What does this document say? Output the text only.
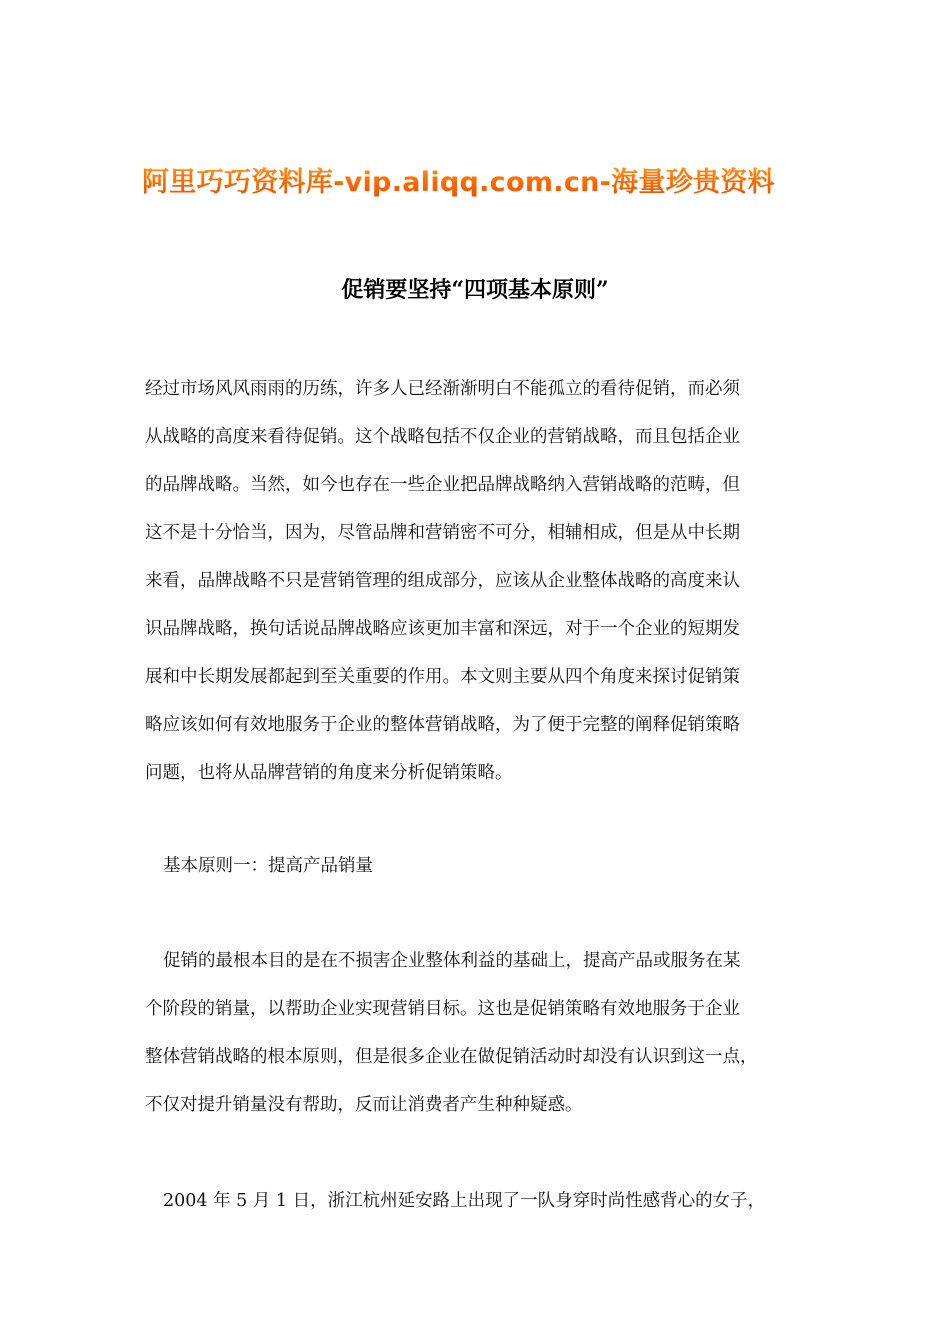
阿里巧巧资料库-vip.aliqq.com.cn-海量珍贵资料
促销要坚持“四项基本原则”
经过市场风风雨雨的历练，许多人已经渐渐明白不能孤立的看待促销，而必须
从战略的高度来看待促销。这个战略包括不仅企业的营销战略，而且包括企业
的品牌战略。当然，如今也存在一些企业把品牌战略纳入营销战略的范畴，但
这不是十分恰当，因为，尽管品牌和营销密不可分，相辅相成，但是从中长期
来看，品牌战略不只是营销管理的组成部分，应该从企业整体战略的高度来认
识品牌战略，换句话说品牌战略应该更加丰富和深远，对于一个企业的短期发
展和中长期发展都起到至关重要的作用。本文则主要从四个角度来探讨促销策
略应该如何有效地服务于企业的整体营销战略，为了便于完整的阐释促销策略
问题，也将从品牌营销的角度来分析促销策略。
基本原则一：提高产品销量
促销的最根本目的是在不损害企业整体利益的基础上，提高产品或服务在某
个阶段的销量，以帮助企业实现营销目标。这也是促销策略有效地服务于企业
整体营销战略的根本原则，但是很多企业在做促销活动时却没有认识到这一点，
不仅对提升销量没有帮助，反而让消费者产生种种疑惑。
2004 年 5 月 1 日，浙江杭州延安路上出现了一队身穿时尚性感背心的女子，
